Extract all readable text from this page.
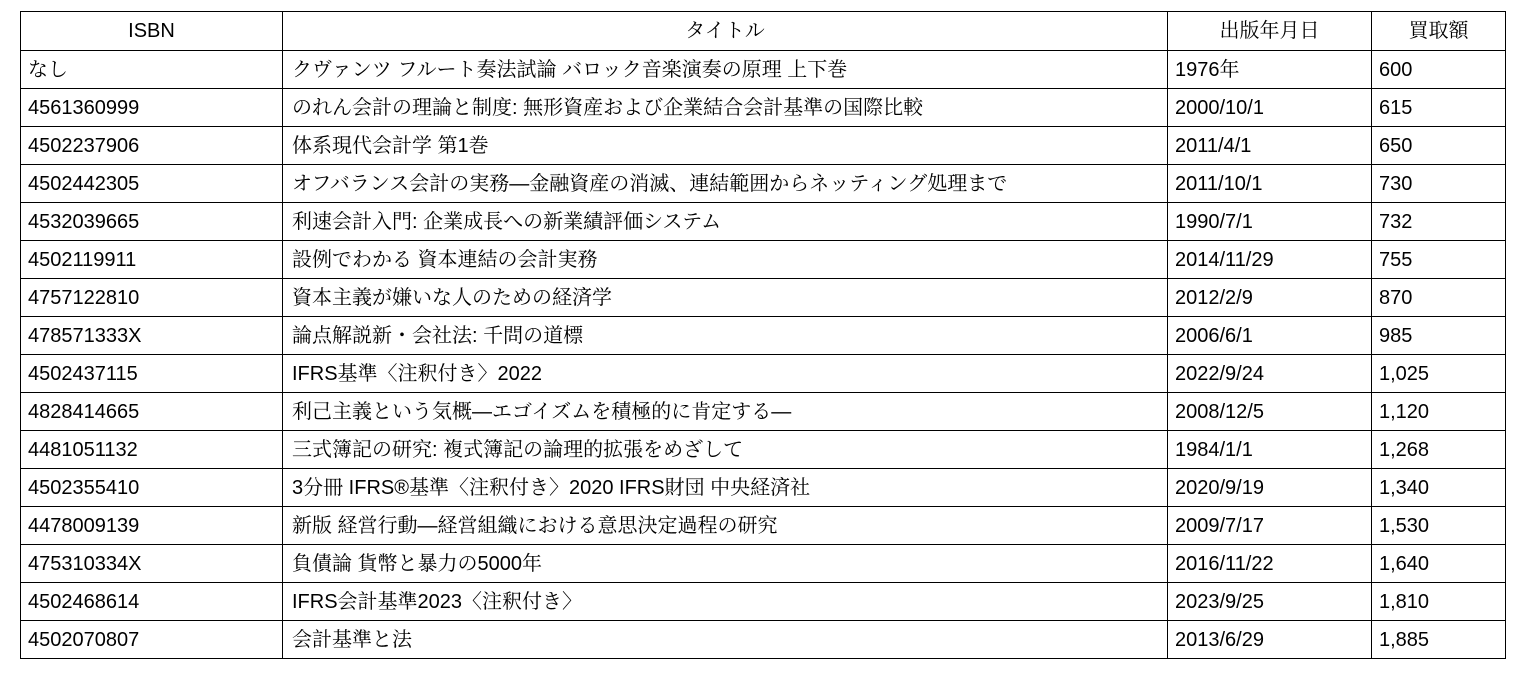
ISBN	タイトル	出版年月日	買取額
なし	クヴァンツ フルート奏法試論 バロック音楽演奏の原理 上下巻	1976年	600
4561360999	のれん会計の理論と制度: 無形資産および企業結合会計基準の国際比較	2000/10/1	615
4502237906	体系現代会計学 第1巻	2011/4/1	650
4502442305	オフバランス会計の実務―金融資産の消滅、連結範囲からネッティング処理まで	2011/10/1	730
4532039665	利速会計入門: 企業成長への新業績評価システム	1990/7/1	732
4502119911	設例でわかる 資本連結の会計実務	2014/11/29	755
4757122810	資本主義が嫌いな人のための経済学	2012/2/9	870
478571333X	論点解説新・会社法: 千問の道標	2006/6/1	985
4502437115	IFRS基準〈注釈付き〉2022	2022/9/24	1,025
4828414665	利己主義という気概―エゴイズムを積極的に肯定する―	2008/12/5	1,120
4481051132	三式簿記の研究: 複式簿記の論理的拡張をめざして	1984/1/1	1,268
4502355410	3分冊 IFRS®基準〈注釈付き〉2020 IFRS財団 中央経済社	2020/9/19	1,340
4478009139	新版 経営行動―経営組織における意思決定過程の研究	2009/7/17	1,530
475310334X	負債論 貨幣と暴力の5000年	2016/11/22	1,640
4502468614	IFRS会計基準2023〈注釈付き〉	2023/9/25	1,810
4502070807	会計基準と法	2013/6/29	1,885
